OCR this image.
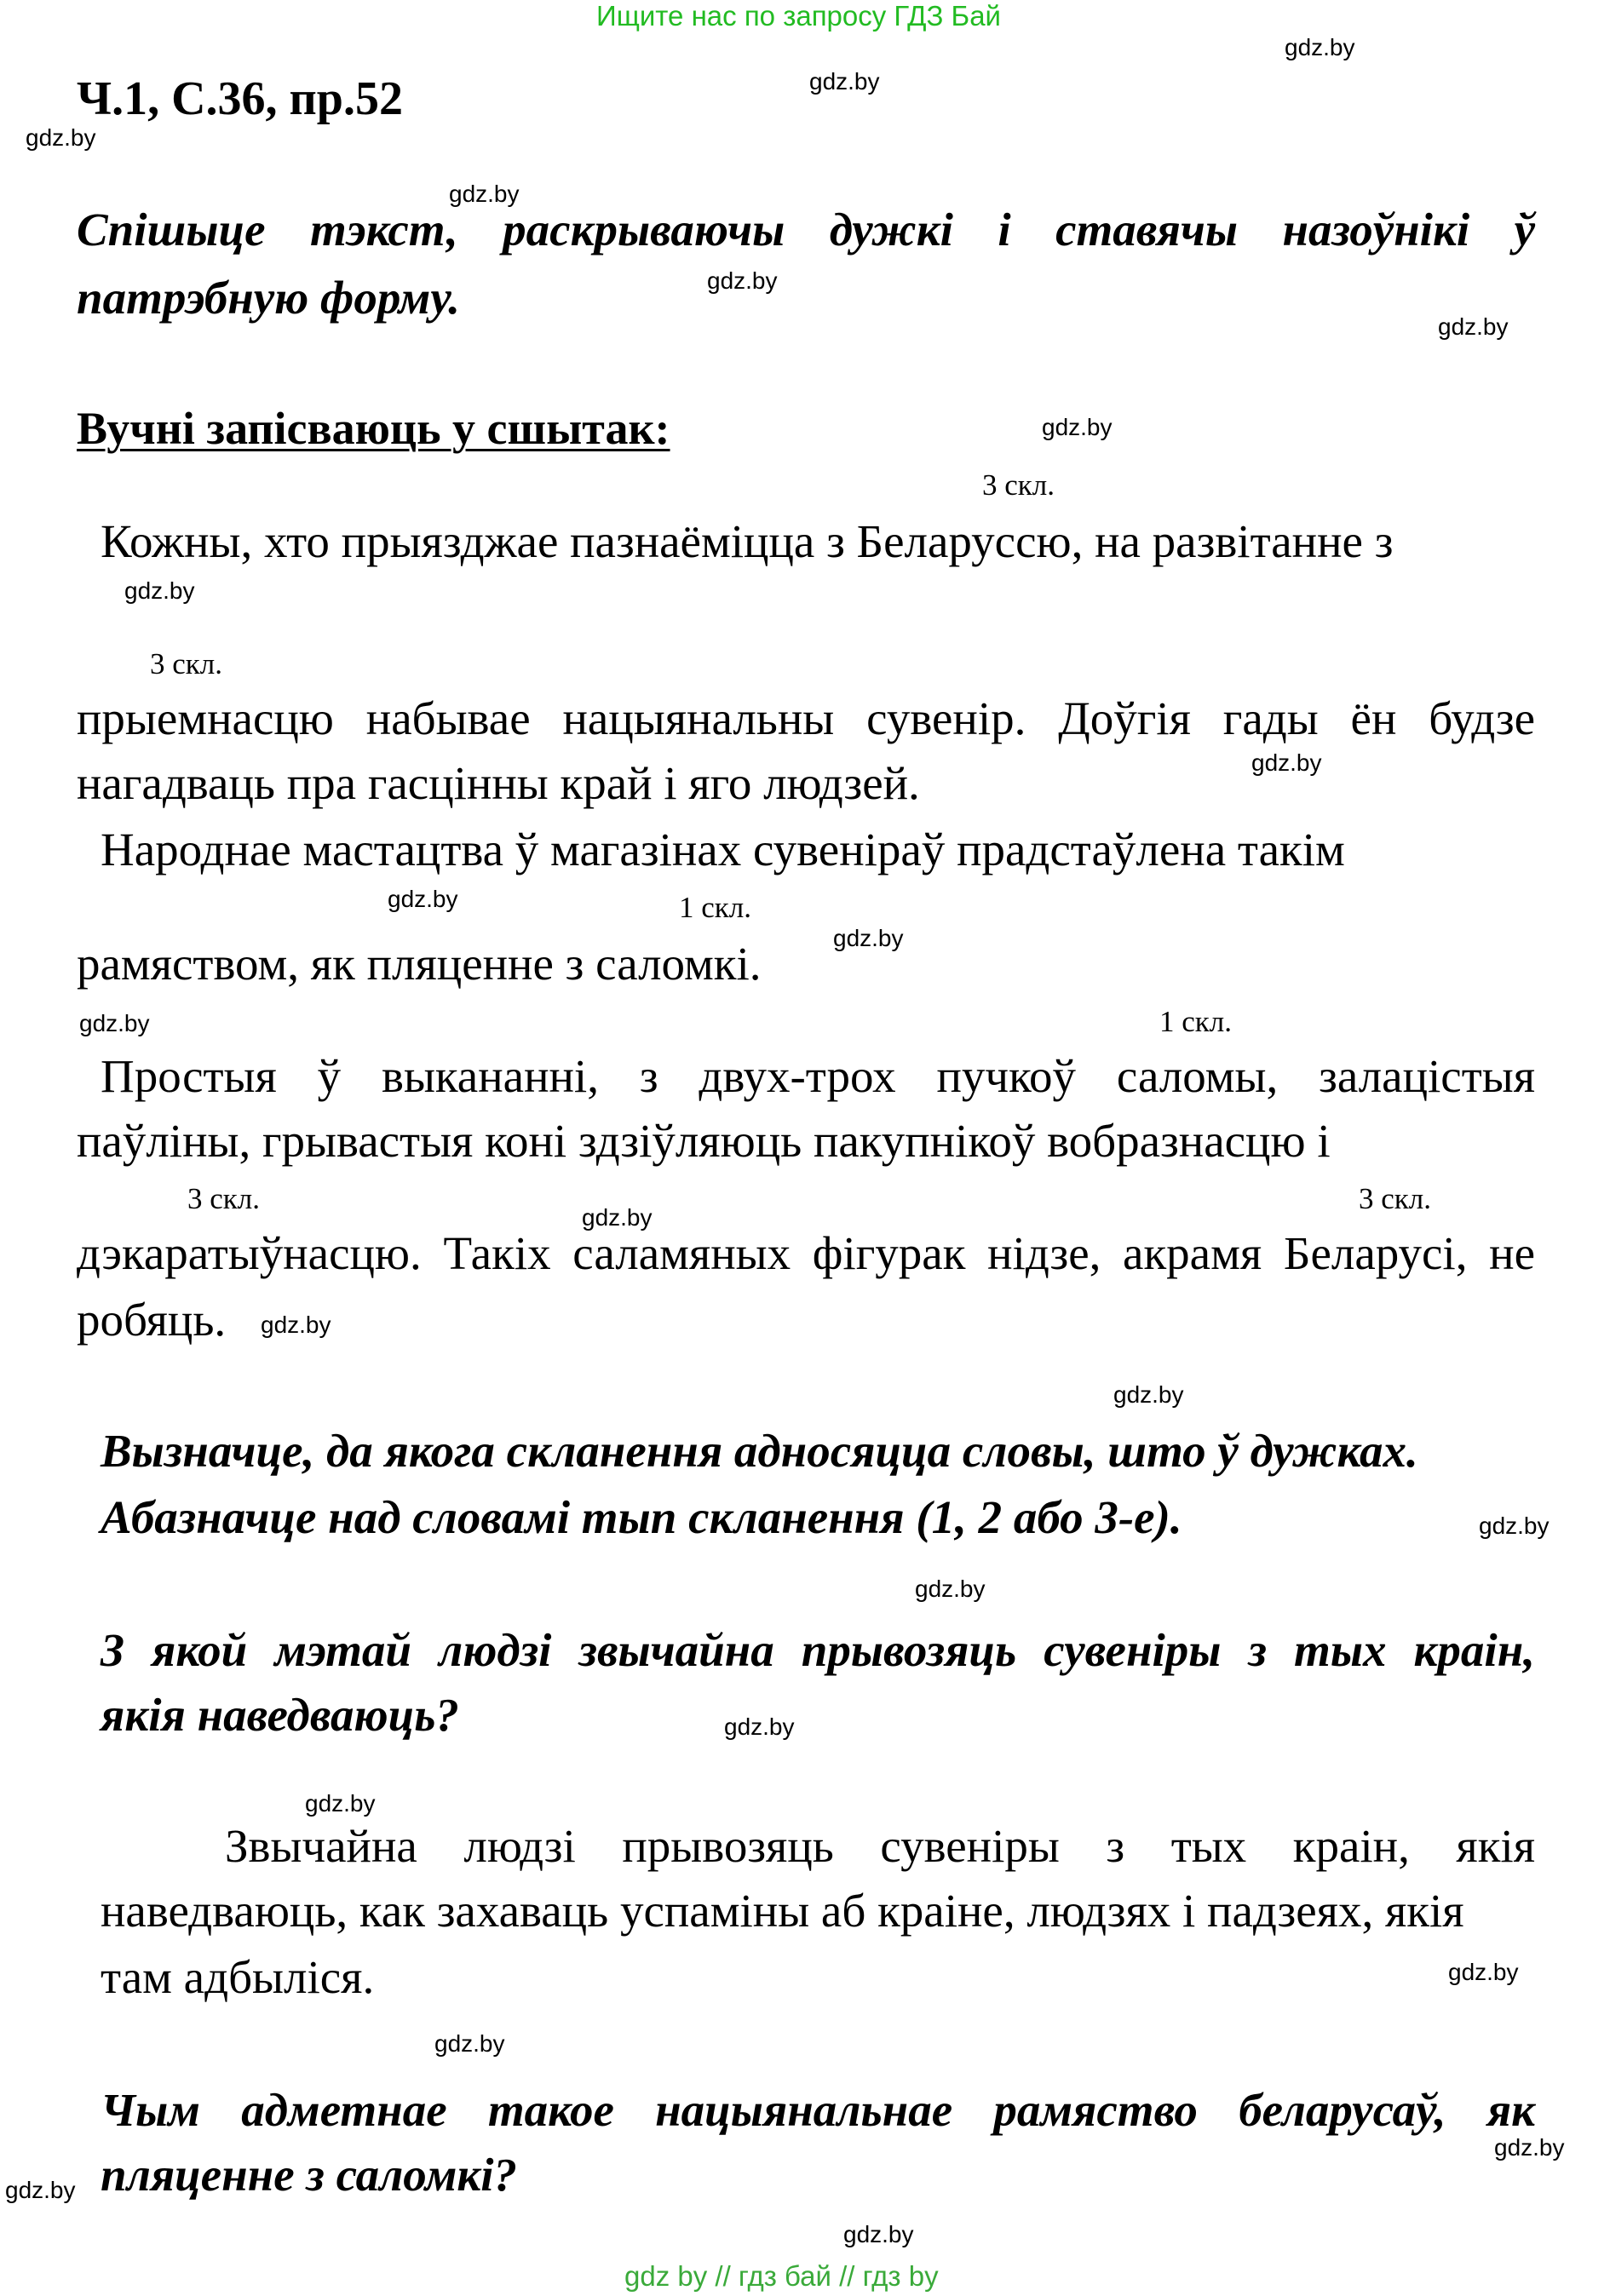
Ищите нас по запросу ГДЗ Бай
Ч.1, С.36, пр.52
Спішыце тэкст, раскрываючы дужкі і ставячы назоўнікі ў
патрэбную форму.
Вучні запісваюць у сшытак:
3 скл.
Кожны, хто прыязджае пазнаёміцца з Беларуссю, на развітанне з
3 скл.
прыемнасцю набывае нацыянальны сувенір. Доўгія гады ён будзе
нагадваць пра гасцінны край і яго людзей.
Народнае мастацтва ў магазінах сувеніраў прадстаўлена такім
1 скл.
рамяством, як пляценне з саломкі.
1 скл.
Простыя ў выкананні, з двух-трох пучкоў саломы, залацістыя
паўліны, грывастыя коні здзіўляюць пакупнікоў вобразнасцю і
3 скл.	3 скл.
дэкаратыўнасцю. Такіх саламяных фігурак нідзе, акрамя Беларусі, не
робяць.
Вызначце, да якога скланення адносяцца словы, што ў дужках.
Абазначце над словамі тып скланення (1, 2 або 3-е).
З якой мэтай людзі звычайна прывозяць сувеніры з тых краін,
якія наведваюць?
Звычайна людзі прывозяць сувеніры з тых краін, якія
наведваюць, как захаваць успаміны аб краіне, людзях і падзеях, якія
там адбыліся.
Чым адметнае такое нацыянальнае рамяство беларусаў, як
пляценне з саломкі?
gdz.by
gdz.by
gdz.by
gdz.by
gdz.by
gdz.by
gdz.by
gdz.by
gdz.by
gdz.by
gdz.by
gdz.by
gdz.by
gdz.by
gdz.by
gdz.by
gdz.by
gdz.by
gdz.by
gdz.by
gdz.by
gdz.by
gdz.by
gdz.by
gdz by // гдз бай // гдз by
